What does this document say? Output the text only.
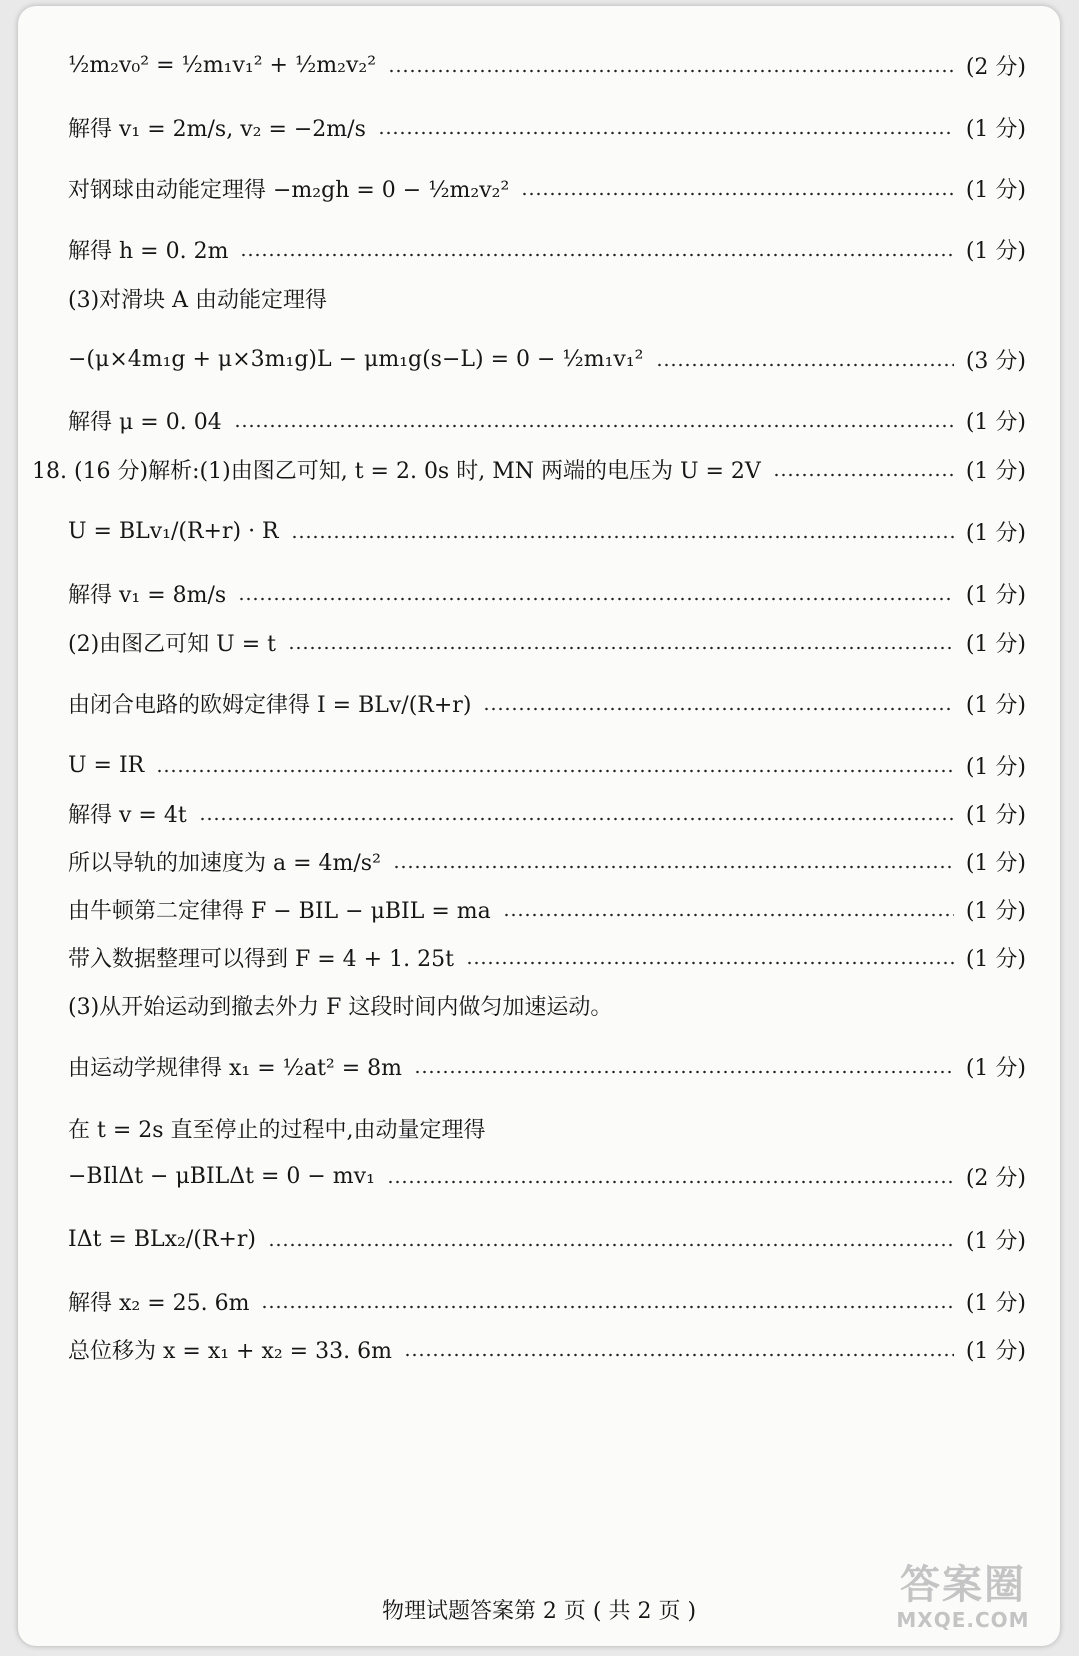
½m₂v₀² = ½m₁v₁² + ½m₂v₂²	(2 分)
解得 v₁ = 2m/s, v₂ = −2m/s	(1 分)
对钢球由动能定理得 −m₂gh = 0 − ½m₂v₂²	(1 分)
解得 h = 0. 2m	(1 分)
(3)对滑块 A 由动能定理得
−(μ×4m₁g + μ×3m₁g)L − μm₁g(s−L) = 0 − ½m₁v₁²	(3 分)
解得 μ = 0. 04	(1 分)
18. (16 分)解析:(1)由图乙可知, t = 2. 0s 时, MN 两端的电压为 U = 2V	(1 分)
U = BLv₁/(R+r) · R	(1 分)
解得 v₁ = 8m/s	(1 分)
(2)由图乙可知 U = t	(1 分)
由闭合电路的欧姆定律得 I = BLv/(R+r)	(1 分)
U = IR	(1 分)
解得 v = 4t	(1 分)
所以导轨的加速度为 a = 4m/s²	(1 分)
由牛顿第二定律得 F − BIL − μBIL = ma	(1 分)
带入数据整理可以得到 F = 4 + 1. 25t	(1 分)
(3)从开始运动到撤去外力 F 这段时间内做匀加速运动。
由运动学规律得 x₁ = ½at² = 8m	(1 分)
在 t = 2s 直至停止的过程中,由动量定理得
−BIlΔt − μBILΔt = 0 − mv₁	(2 分)
IΔt = BLx₂/(R+r)	(1 分)
解得 x₂ = 25. 6m	(1 分)
总位移为 x = x₁ + x₂ = 33. 6m	(1 分)
物理试题答案第 2 页 ( 共 2 页 )
答案圈
MXQE.COM
